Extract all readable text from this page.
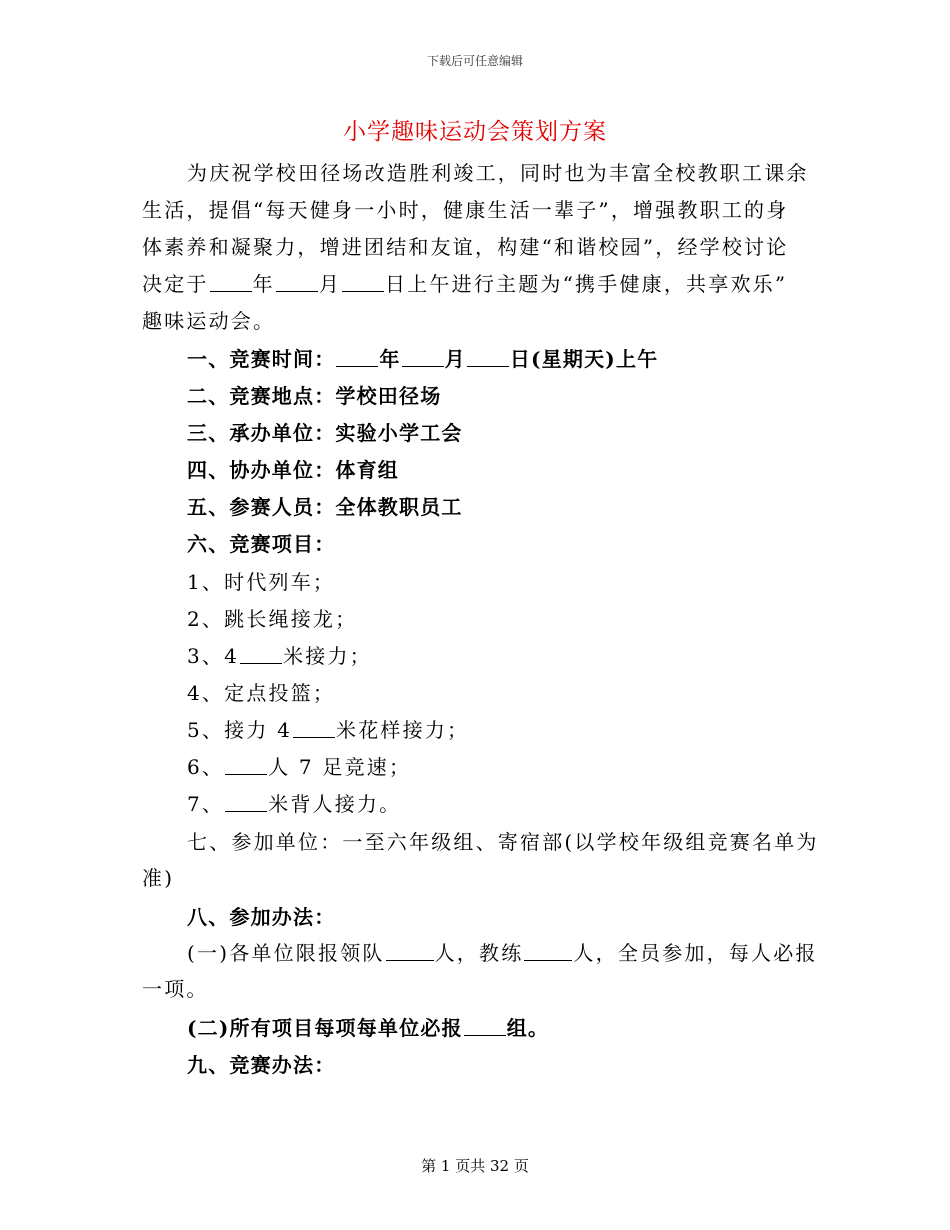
下载后可任意编辑
小学趣味运动会策划方案
为庆祝学校田径场改造胜利竣工，同时也为丰富全校教职工课余
生活，提倡“每天健身一小时，健康生活一辈子”，增强教职工的身
体素养和凝聚力，增进团结和友谊，构建“和谐校园”，经学校讨论
决定于 年 月 日上午进行主题为“携手健康，共享欢乐”
趣味运动会。
一、竞赛时间： 年 月 日(星期天)上午
二、竞赛地点：学校田径场
三、承办单位：实验小学工会
四、协办单位：体育组
五、参赛人员：全体教职员工
六、竞赛项目：
1、时代列车；
2、跳长绳接龙；
3、4 米接力；
4、定点投篮；
5、接力 4 米花样接力；
6、 人 7 足竞速；
7、 米背人接力。
七、参加单位：一至六年级组、寄宿部(以学校年级组竞赛名单为
准)
八、参加办法：
(一)各单位限报领队	人，教练	人，全员参加，每人必报
一项。
(二)所有项目每项每单位必报 组。
九、竞赛办法：
第 1 页共 32 页
